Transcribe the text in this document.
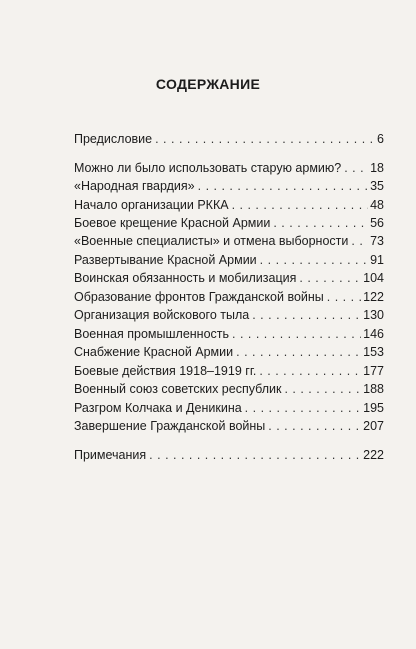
СОДЕРЖАНИЕ
Предисловие . . .	6
Можно ли было использовать старую армию? . . . 18
«Народная гвардия» . . .	35
Начало организации РККА . . .	48
Боевое крещение Красной Армии . . .	56
«Военные специалисты» и отмена выборности . . . 73
Развертывание Красной Армии . . .	91
Воинская обязанность и мобилизация . . .	104
Образование фронтов Гражданской войны . . .	122
Организация войскового тыла . . .	130
Военная промышленность . . .	146
Снабжение Красной Армии . . .	153
Боевые действия 1918–1919 гг. . . .	177
Военный союз советских республик . . .	188
Разгром Колчака и Деникина . . .	195
Завершение Гражданской войны . . .	207
Примечания . . .	222
